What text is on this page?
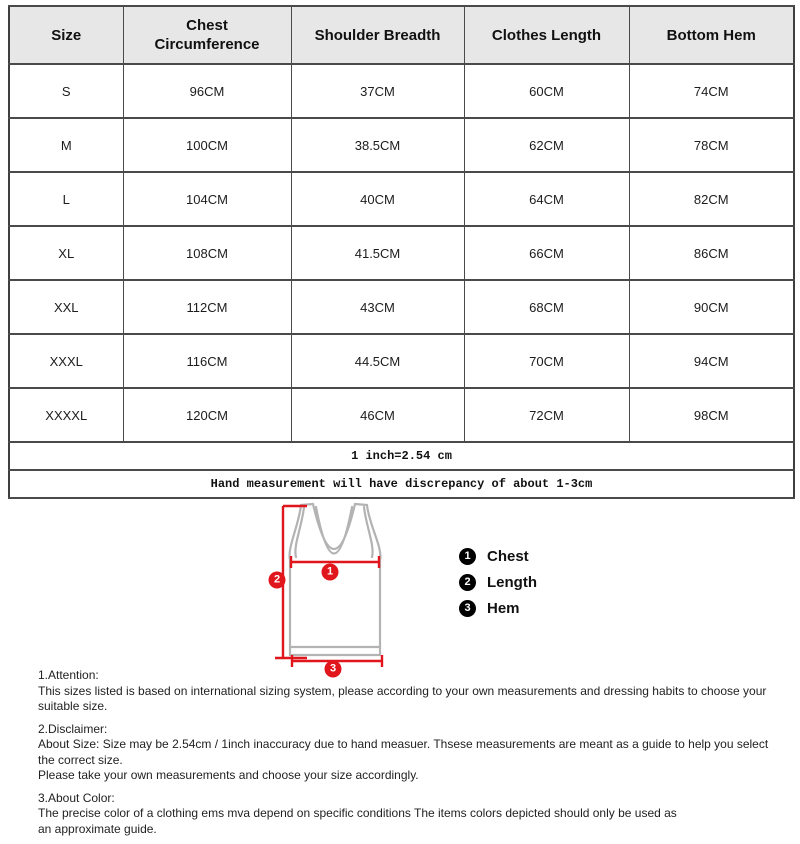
Size	Chest Circumference	Shoulder Breadth	Clothes Length	Bottom Hem
S	96CM	37CM	60CM	74CM
M	100CM	38.5CM	62CM	78CM
L	104CM	40CM	64CM	82CM
XL	108CM	41.5CM	66CM	86CM
XXL	112CM	43CM	68CM	90CM
XXXL	116CM	44.5CM	70CM	94CM
XXXXL	120CM	46CM	72CM	98CM
1 inch=2.54 cm				
Hand measurement will have discrepancy of about 1-3cm				
1
2
3
1	Chest
2	Length
3	Hem
1.Attention:
This sizes listed is based on international sizing system, please according to your own measurements and dressing habits to choose your suitable size.
2.Disclaimer:
About Size: Size may be 2.54cm / 1inch inaccuracy due to hand measuer. Thsese measurements are meant as a guide to help you select the correct size.
Please take your own measurements and choose your size accordingly.
3.About Color:
The precise color of a clothing ems mva depend on specific conditions The items colors depicted should only be used as
an approximate guide.
